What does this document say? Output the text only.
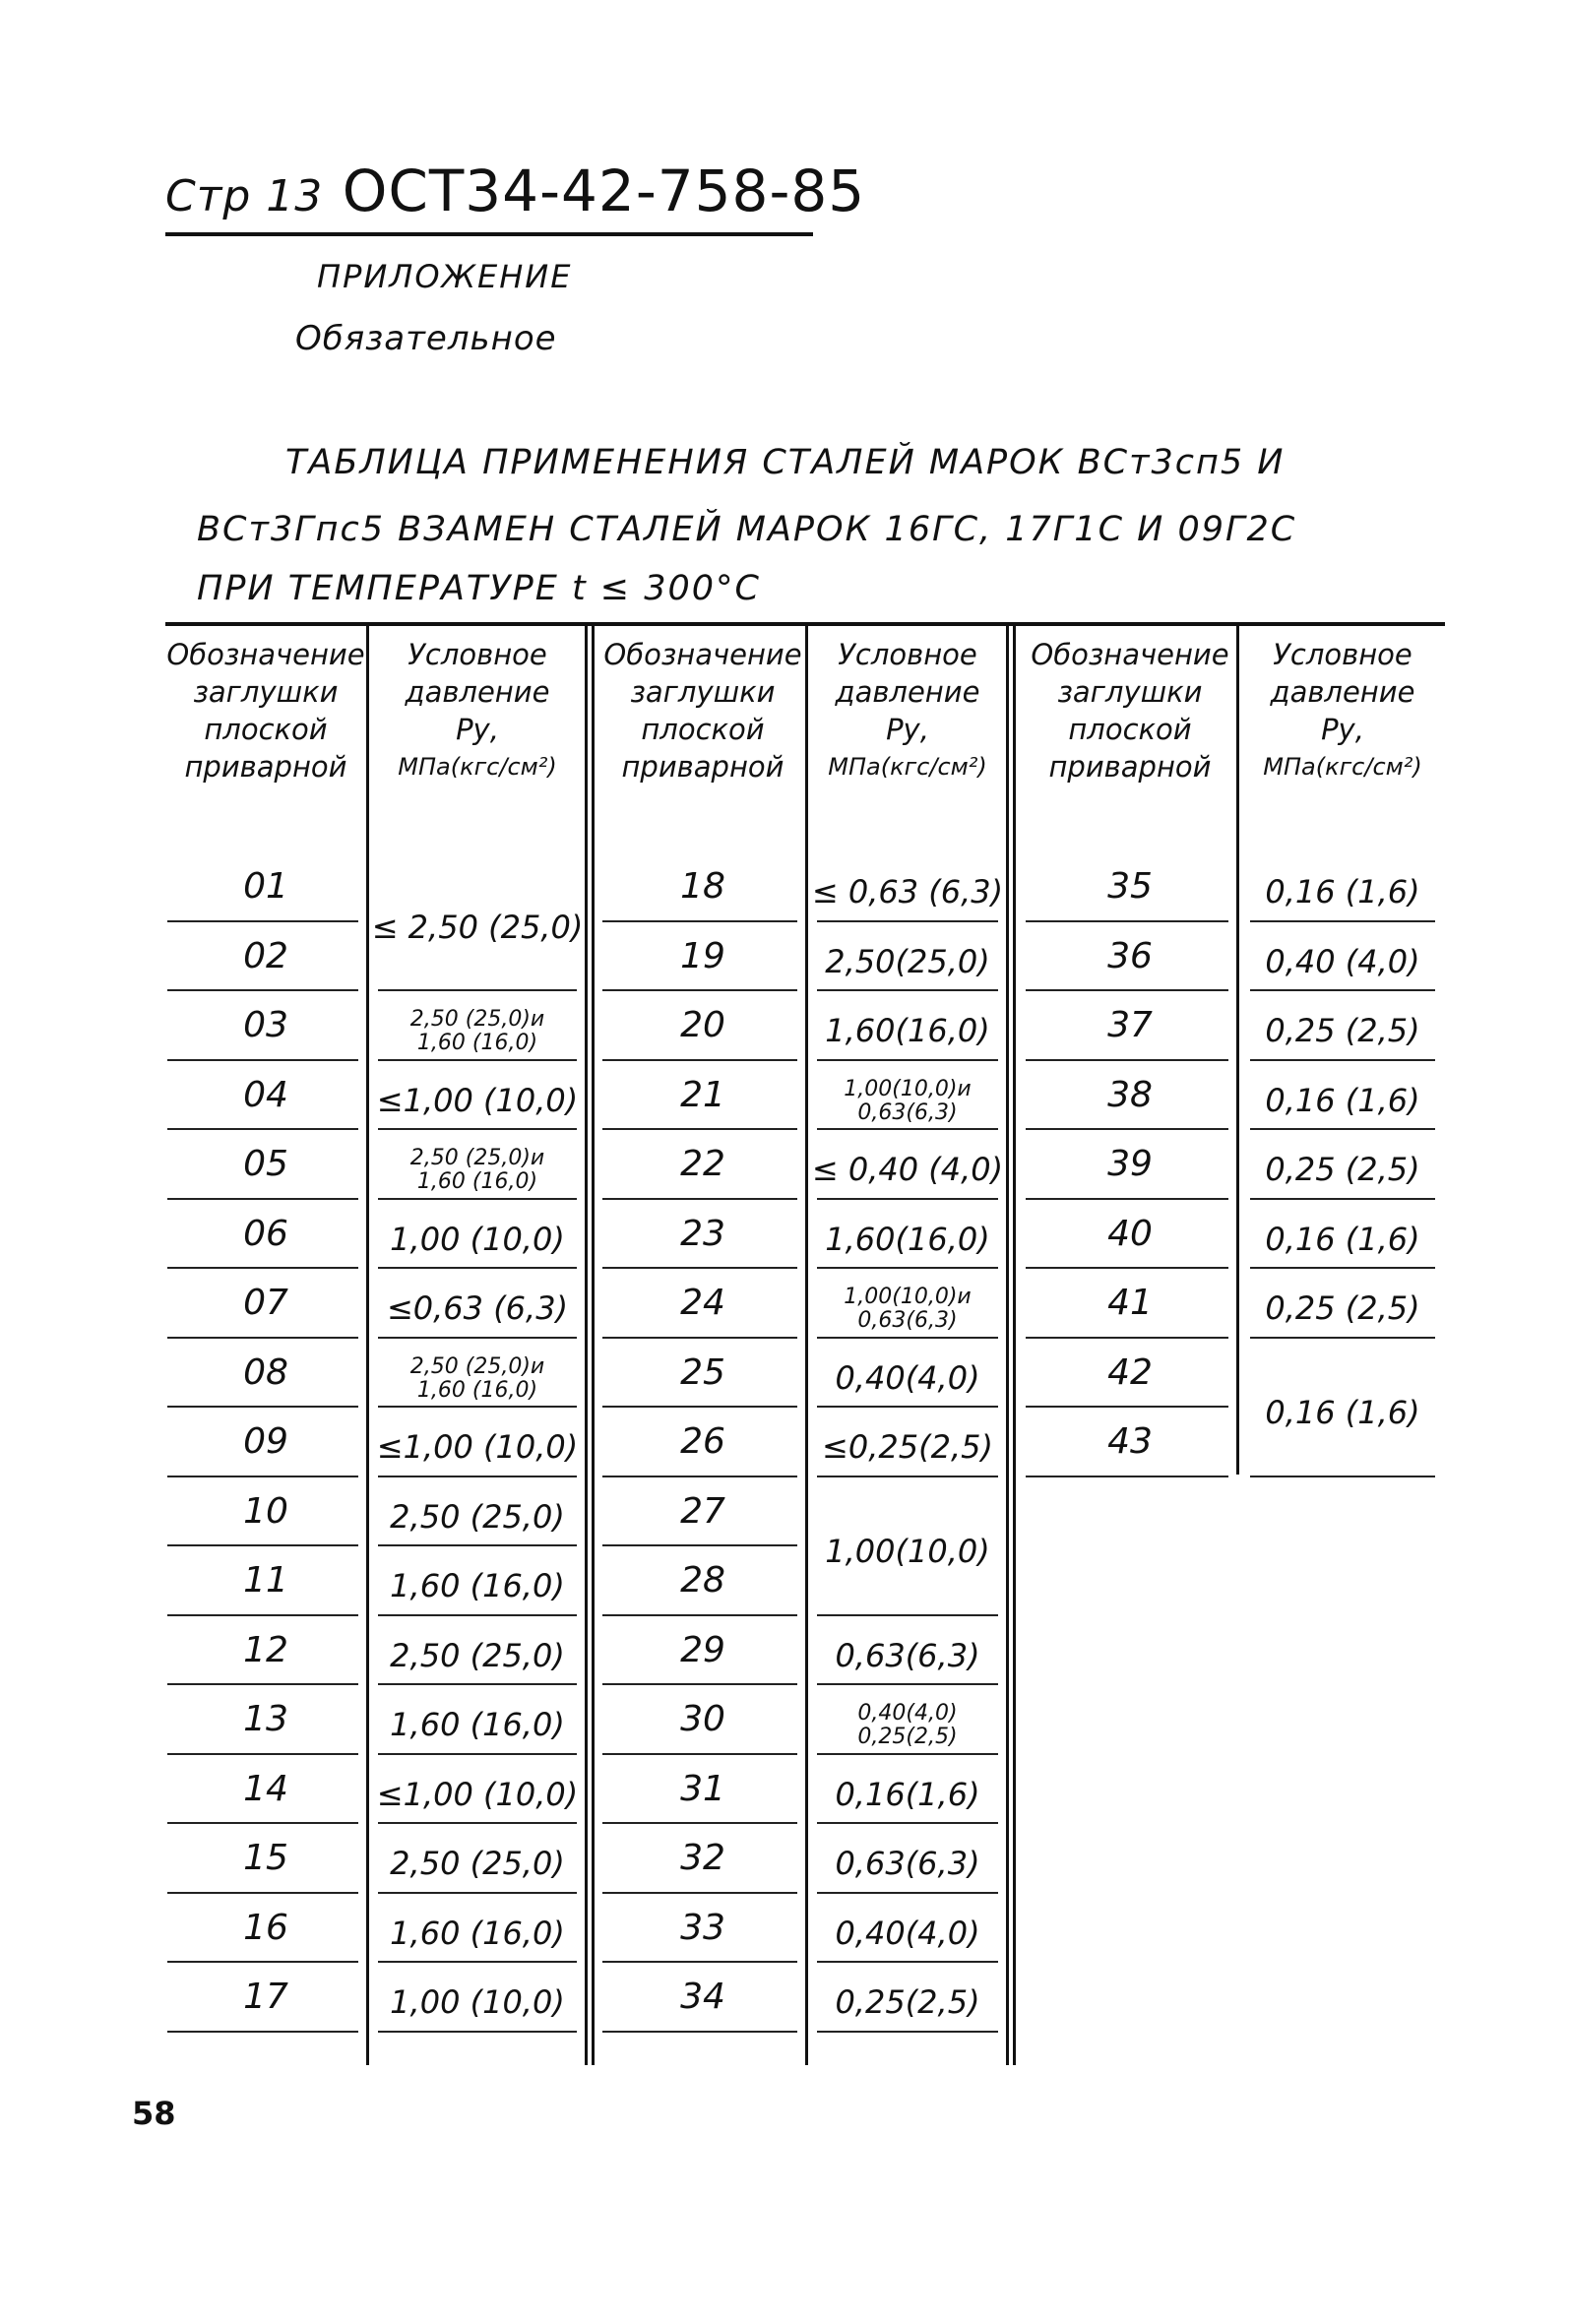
Стр 13 ОСТ34-42-758-85
ПРИЛОЖЕНИЕ
Обязательное
ТАБЛИЦА ПРИМЕНЕНИЯ СТАЛЕЙ МАРОК ВСт3сп5 И
ВСт3Гпс5 ВЗАМЕН СТАЛЕЙ МАРОК 16ГС, 17Г1С И 09Г2С
ПРИ ТЕМПЕРАТУРЕ t ≤ 300°С
Обозначение
заглушки
плоской
приварной
Условное
давление
Ру,
МПа(кгс/см²)
01
02
03
04
05
06
07
08
09
10
11
12
13
14
15
16
17
≤ 2,50 (25,0)
2,50 (25,0)и
1,60 (16,0)
≤1,00 (10,0)
2,50 (25,0)и
1,60 (16,0)
1,00 (10,0)
≤0,63 (6,3)
2,50 (25,0)и
1,60 (16,0)
≤1,00 (10,0)
2,50 (25,0)
1,60 (16,0)
2,50 (25,0)
1,60 (16,0)
≤1,00 (10,0)
2,50 (25,0)
1,60 (16,0)
1,00 (10,0)
Обозначение
заглушки
плоской
приварной
Условное
давление
Ру,
МПа(кгс/см²)
18
19
20
21
22
23
24
25
26
27
28
29
30
31
32
33
34
≤ 0,63 (6,3)
2,50(25,0)
1,60(16,0)
1,00(10,0)и
0,63(6,3)
≤ 0,40 (4,0)
1,60(16,0)
1,00(10,0)и
0,63(6,3)
0,40(4,0)
≤0,25(2,5)
1,00(10,0)
0,63(6,3)
0,40(4,0)
0,25(2,5)
0,16(1,6)
0,63(6,3)
0,40(4,0)
0,25(2,5)
Обозначение
заглушки
плоской
приварной
Условное
давление
Ру,
МПа(кгс/см²)
35
36
37
38
39
40
41
42
43
0,16 (1,6)
0,40 (4,0)
0,25 (2,5)
0,16 (1,6)
0,25 (2,5)
0,16 (1,6)
0,25 (2,5)
0,16 (1,6)
58
